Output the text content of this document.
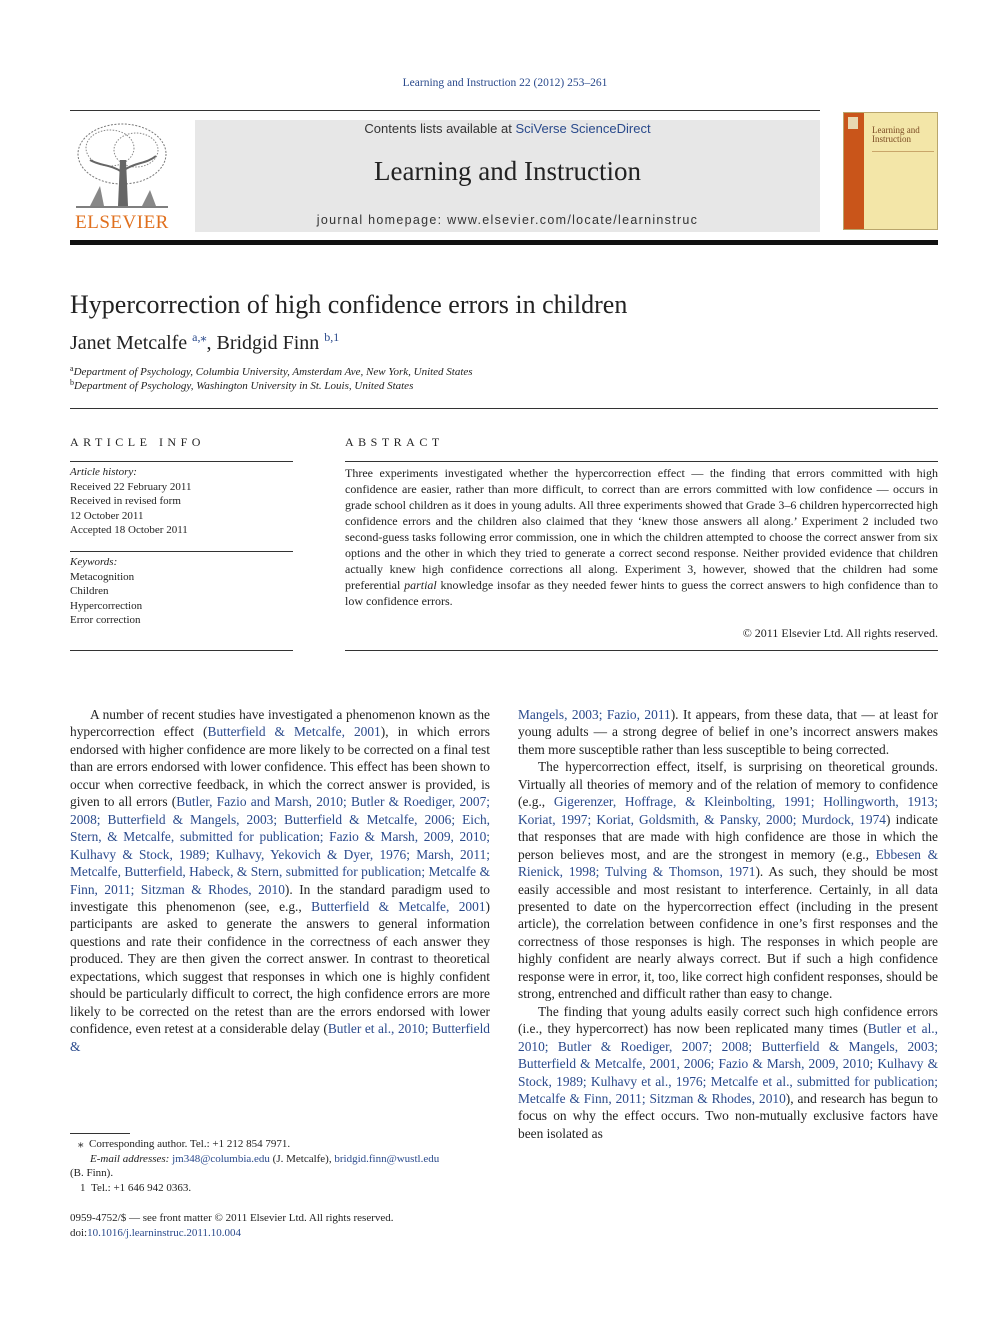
Learning and Instruction 22 (2012) 253–261
ELSEVIER
Contents lists available at SciVerse ScienceDirect
Learning and Instruction
journal homepage: www.elsevier.com/locate/learninstruc
Learning and
Instruction
Hypercorrection of high confidence errors in children
Janet Metcalfe $^{a,⁎}$, Bridgid Finn $^{b,1}$
$^a$Department of Psychology, Columbia University, Amsterdam Ave, New York, United States
$^b$Department of Psychology, Washington University in St. Louis, United States
ARTICLE INFO
Article history:
Received 22 February 2011
Received in revised form
12 October 2011
Accepted 18 October 2011
Keywords:
Metacognition
Children
Hypercorrection
Error correction
ABSTRACT
Three experiments investigated whether the hypercorrection effect — the finding that errors committed with high confidence are easier, rather than more difficult, to correct than are errors committed with low confidence — occurs in grade school children as it does in young adults. All three experiments showed that Grade 3–6 children hypercorrected high confidence errors and the children also claimed that they ‘knew those answers all along.’ Experiment 2 included two second-guess tasks following error commission, one in which the children attempted to choose the correct answer from six options and the other in which they tried to generate a correct second response. Neither provided evidence that children actually knew high confidence corrections all along. Experiment 3, however, showed that the children had some preferential partial knowledge insofar as they needed fewer hints to guess the correct answers to high confidence than to low confidence errors.
© 2011 Elsevier Ltd. All rights reserved.

A number of recent studies have investigated a phenomenon known as the hypercorrection effect (Butterfield & Metcalfe, 2001), in which errors endorsed with higher confidence are more likely to be corrected on a final test than are errors endorsed with lower confidence. This effect has been shown to occur when corrective feedback, in which the correct answer is provided, is given to all errors (Butler, Fazio and Marsh, 2010; Butler & Roediger, 2007; 2008; Butterfield & Mangels, 2003; Butterfield & Metcalfe, 2006; Eich, Stern, & Metcalfe, submitted for publication; Fazio & Marsh, 2009, 2010; Kulhavy & Stock, 1989; Kulhavy, Yekovich & Dyer, 1976; Marsh, 2011; Metcalfe, Butterfield, Habeck, & Stern, submitted for publication; Metcalfe & Finn, 2011; Sitzman & Rhodes, 2010). In the standard paradigm used to investigate this phenomenon (see, e.g., Butterfield & Metcalfe, 2001) participants are asked to generate the answers to general information questions and rate their confidence in the correctness of each answer they produced. They are then given the correct answer. In contrast to theoretical expectations, which suggest that responses in which one is highly confident should be particularly difficult to correct, the high confidence errors are more likely to be corrected on the retest than are the errors endorsed with lower confidence, even retest at a considerable delay (Butler et al., 2010; Butterfield &

⁎ Corresponding author. Tel.: +1 212 854 7971.
E-mail addresses: jm348@columbia.edu (J. Metcalfe), bridgid.finn@wustl.edu
(B. Finn).
1 Tel.: +1 646 942 0363.
0959-4752/$ — see front matter © 2011 Elsevier Ltd. All rights reserved.
doi:10.1016/j.learninstruc.2011.10.004

Mangels, 2003; Fazio, 2011). It appears, from these data, that — at least for young adults — a strong degree of belief in one’s incorrect answers makes them more susceptible rather than less susceptible to being corrected.

The hypercorrection effect, itself, is surprising on theoretical grounds. Virtually all theories of memory and of the relation of memory to confidence (e.g., Gigerenzer, Hoffrage, & Kleinbolting, 1991; Hollingworth, 1913; Koriat, 1997; Koriat, Goldsmith, & Pansky, 2000; Murdock, 1974) indicate that responses that are made with high confidence are those in which the person believes most, and are the strongest in memory (e.g., Ebbesen & Rienick, 1998; Tulving & Thomson, 1971). As such, they should be most easily accessible and most resistant to interference. Certainly, in all data presented to date on the hypercorrection effect (including in the present article), the correlation between confidence in one’s first responses and the correctness of those responses is high. The responses in which people are highly confident are nearly always correct. But if such a high confidence response were in error, it, too, like correct high confident responses, should be strong, entrenched and difficult rather than easy to change.

The finding that young adults easily correct such high confidence errors (i.e., they hypercorrect) has now been replicated many times (Butler et al., 2010; Butler & Roediger, 2007; 2008; Butterfield & Mangels, 2003; Butterfield & Metcalfe, 2001, 2006; Fazio & Marsh, 2009, 2010; Kulhavy & Stock, 1989; Kulhavy et al., 1976; Metcalfe et al., submitted for publication; Metcalfe & Finn, 2011; Sitzman & Rhodes, 2010), and research has begun to focus on why the effect occurs. Two non-mutually exclusive factors have been isolated as
